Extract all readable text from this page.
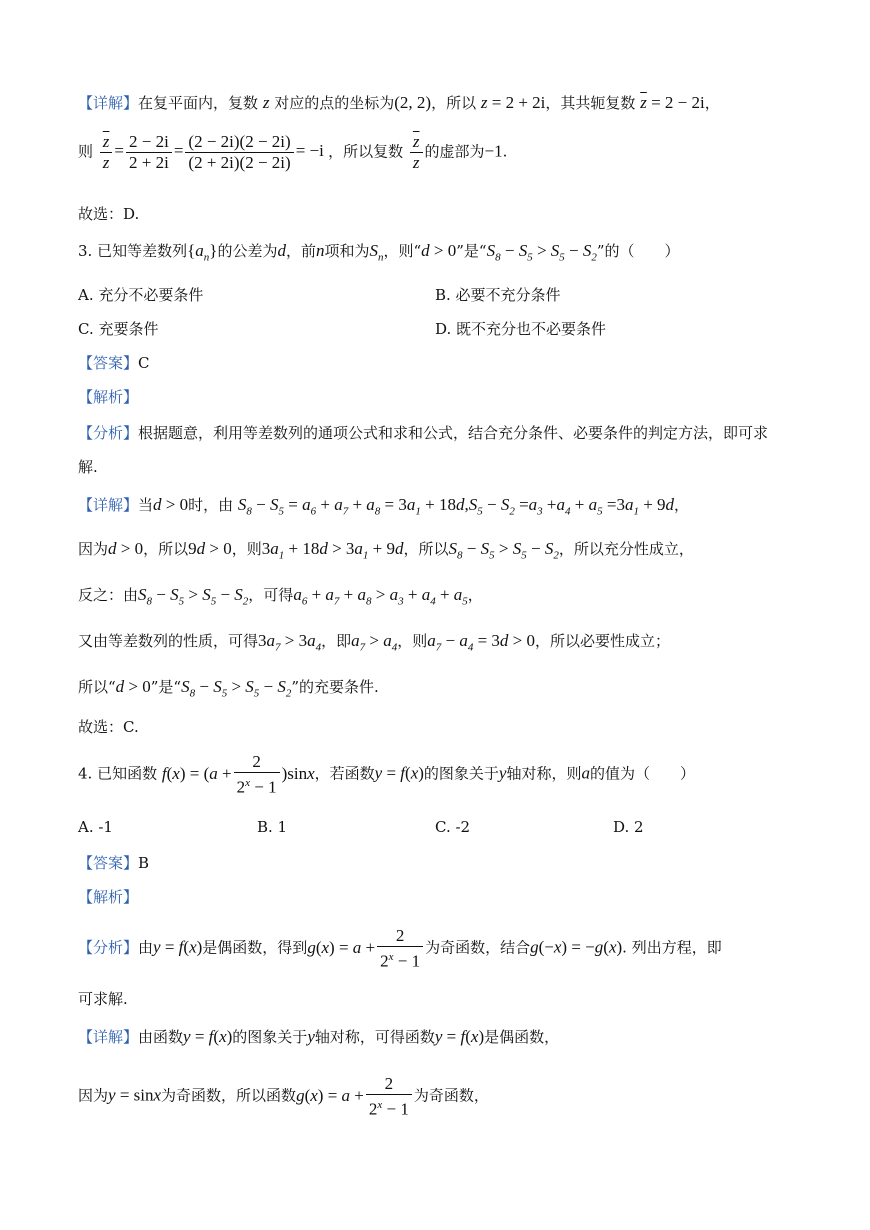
【详解】在复平面内，复数 z 对应的点的坐标为(2, 2)，所以 z = 2 + 2i，其共轭复数 $\overline{z} = 2 - 2i$，
则 $\frac{\overline{z}}{z} = \frac{2 - 2i}{2 + 2i} = \frac{(2 - 2i)(2 - 2i)}{(2 + 2i)(2 - 2i)} = -i$ ，所以复数 $\frac{\overline{z}}{z}$ 的虚部为−1.
故选：D.
3. 已知等差数列$\{a_n\}$的公差为d，前n项和为$S_n$，则“d > 0”是“$S_8 - S_5 > S_5 - S_2$”的（　　）
A. 充分不必要条件	B. 必要不充分条件
C. 充要条件	D. 既不充分也不必要条件
【答案】C
【解析】
【分析】根据题意，利用等差数列的通项公式和求和公式，结合充分条件、必要条件的判定方法，即可求
解.
【详解】当d > 0时，由 $S_8 - S_5 = a_6 + a_7 + a_8 = 3a_1 + 18d,S_5 - S_2 =a_3 +a_4 + a_5 =3a_1 + 9d$，
因为d > 0，所以9d > 0，则$3a_1 + 18d > 3a_1 + 9d$，所以$S_8 - S_5 > S_5 - S_2$，所以充分性成立，
反之：由$S_8 - S_5 > S_5 - S_2$，可得$a_6 + a_7 + a_8 > a_3 + a_4 + a_5$，
又由等差数列的性质，可得$3a_7 > 3a_4$，即$a_7 > a_4$，则$a_7 - a_4 = 3d > 0$，所以必要性成立；
所以“d > 0”是“$S_8 - S_5 > S_5 - S_2$”的充要条件.
故选：C.
4. 已知函数 $f(x) = (a + \frac{2}{2^x - 1} )\sin x$，若函数y = f(x)的图象关于y轴对称，则a的值为（　　）
A. -1	B. 1	C. -2	D. 2
【答案】B
【解析】
【分析】由y = f(x)是偶函数，得到$g(x) = a + \frac{2}{2^x - 1}$ 为奇函数，结合g(−x) = −g(x). 列出方程，即
可求解.
【详解】由函数y = f(x)的图象关于y轴对称，可得函数y = f(x)是偶函数，
因为y = sinx为奇函数，所以函数$g(x) = a + \frac{2}{2^x - 1}$ 为奇函数，
